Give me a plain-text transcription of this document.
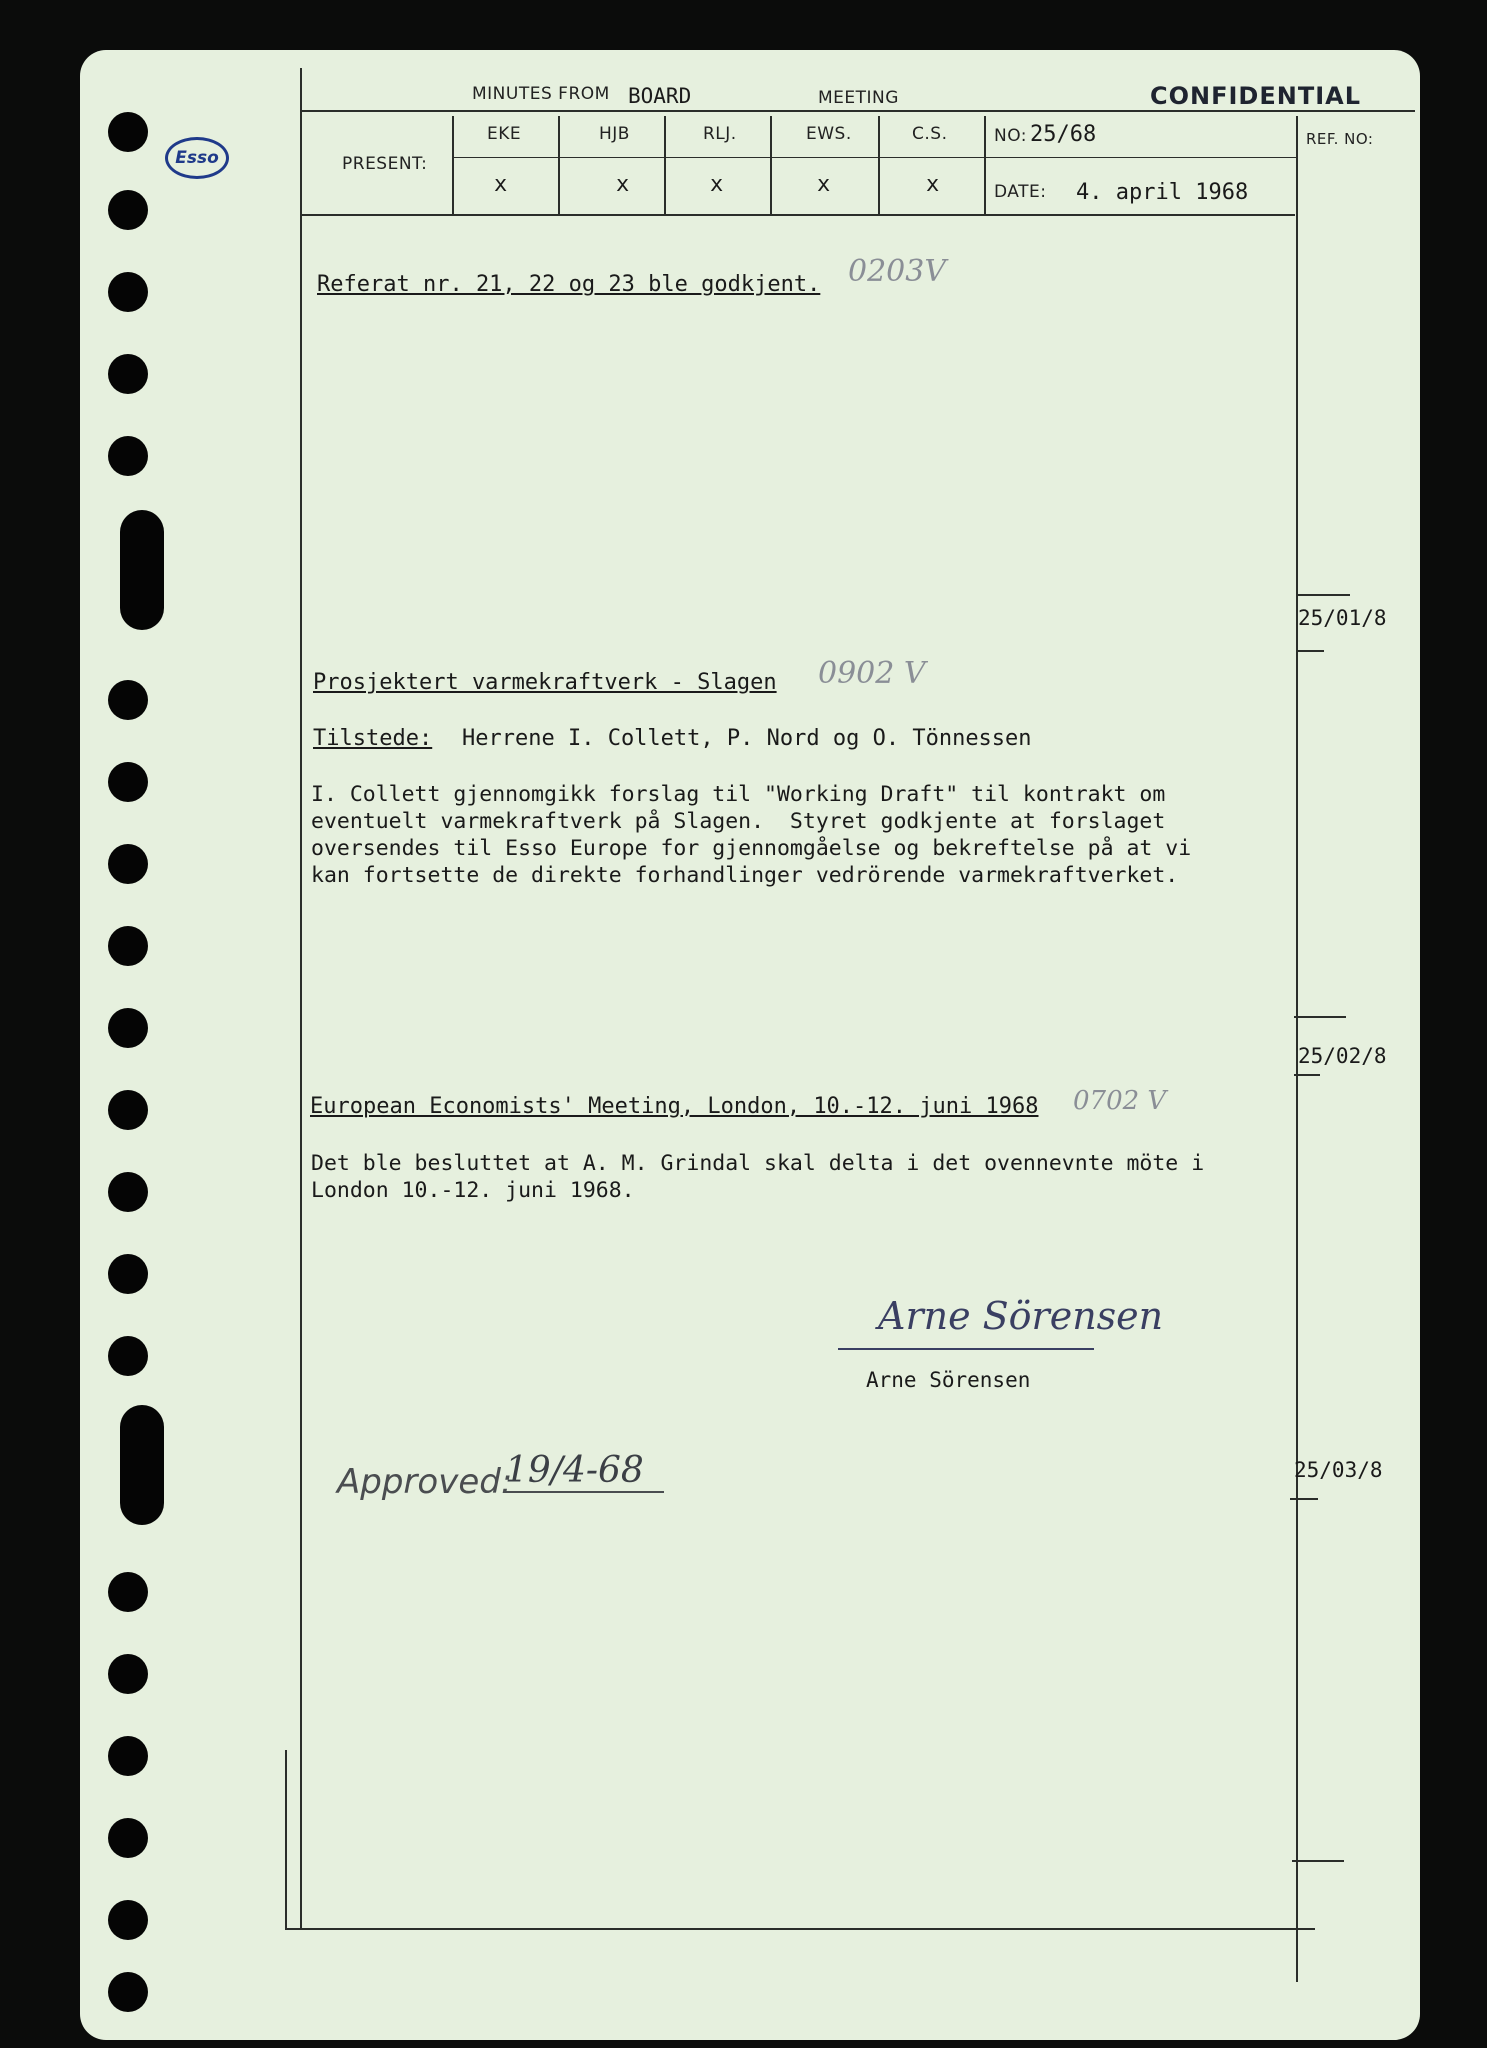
Esso
MINUTES FROM BOARD	MEETING	CONFIDENTIAL
PRESENT:
EKE	HJB	RLJ.	EWS.	C.S.
x	x	x	x	x
NO: 25/68
DATE: 4. april 1968
REF. NO:
Referat nr. 21, 22 og 23 ble godkjent. 0203V
25/01/8
Prosjektert varmekraftverk - Slagen 0902 V
Tilstede: Herrene I. Collett, P. Nord og O. Tönnessen
I. Collett gjennomgikk forslag til "Working Draft" til kontrakt om
eventuelt varmekraftverk på Slagen.  Styret godkjente at forslaget
oversendes til Esso Europe for gjennomgåelse og bekreftelse på at vi
kan fortsette de direkte forhandlinger vedrörende varmekraftverket.
25/02/8
European Economists' Meeting, London, 10.-12. juni 1968 0702 V
Det ble besluttet at A. M. Grindal skal delta i det ovennevnte möte i
London 10.-12. juni 1968.
Arne Sörensen
Arne Sörensen
25/03/8
Approved:
19/4-68
